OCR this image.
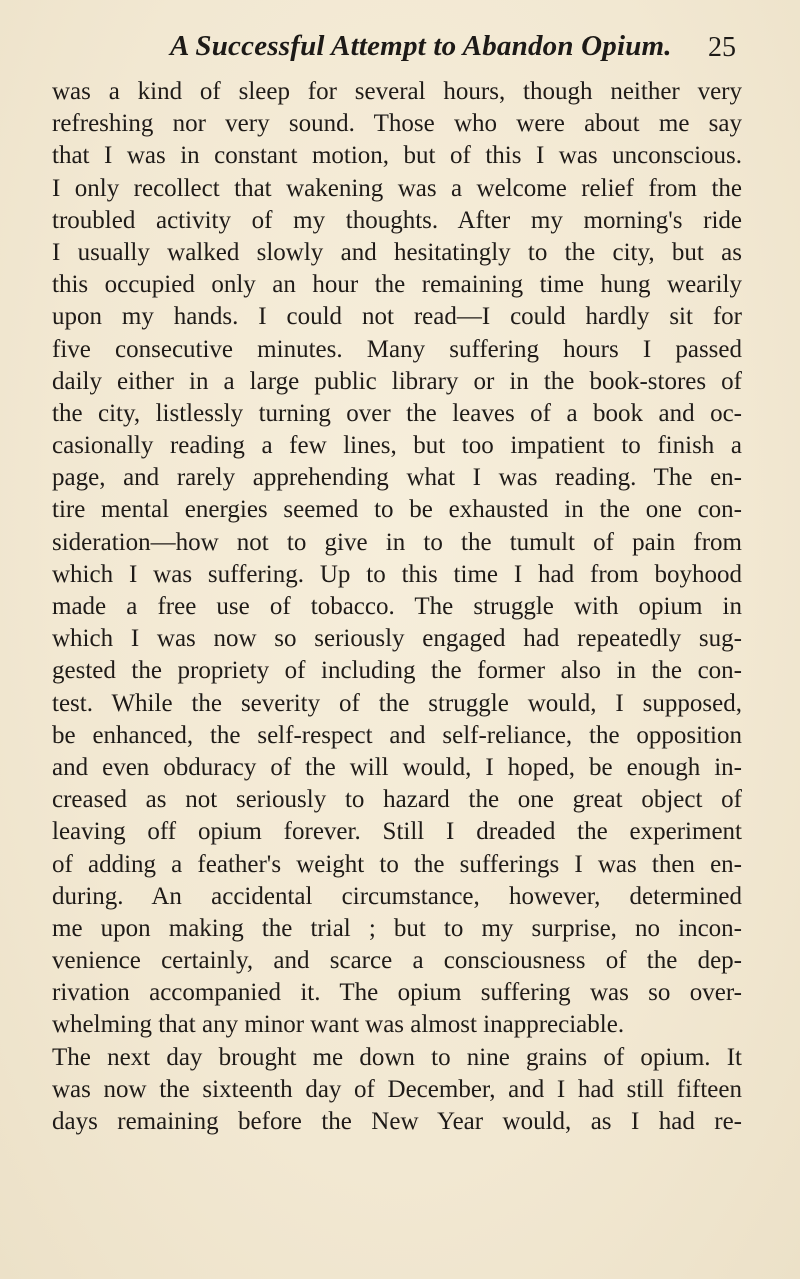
A Successful Attempt to Abandon Opium. 25
was a kind of sleep for several hours, though neither very
refreshing nor very sound. Those who were about me say
that I was in constant motion, but of this I was unconscious.
I only recollect that wakening was a welcome relief from the
troubled activity of my thoughts. After my morning's ride
I usually walked slowly and hesitatingly to the city, but as
this occupied only an hour the remaining time hung wearily
upon my hands. I could not read—I could hardly sit for
five consecutive minutes. Many suffering hours I passed
daily either in a large public library or in the book-stores of
the city, listlessly turning over the leaves of a book and oc-
casionally reading a few lines, but too impatient to finish a
page, and rarely apprehending what I was reading. The en-
tire mental energies seemed to be exhausted in the one con-
sideration—how not to give in to the tumult of pain from
which I was suffering. Up to this time I had from boyhood
made a free use of tobacco. The struggle with opium in
which I was now so seriously engaged had repeatedly sug-
gested the propriety of including the former also in the con-
test. While the severity of the struggle would, I supposed,
be enhanced, the self-respect and self-reliance, the opposition
and even obduracy of the will would, I hoped, be enough in-
creased as not seriously to hazard the one great object of
leaving off opium forever. Still I dreaded the experiment
of adding a feather's weight to the sufferings I was then en-
during. An accidental circumstance, however, determined
me upon making the trial ; but to my surprise, no incon-
venience certainly, and scarce a consciousness of the dep-
rivation accompanied it. The opium suffering was so over-
whelming that any minor want was almost inappreciable.
The next day brought me down to nine grains of opium. It
was now the sixteenth day of December, and I had still fifteen
days remaining before the New Year would, as I had re-
